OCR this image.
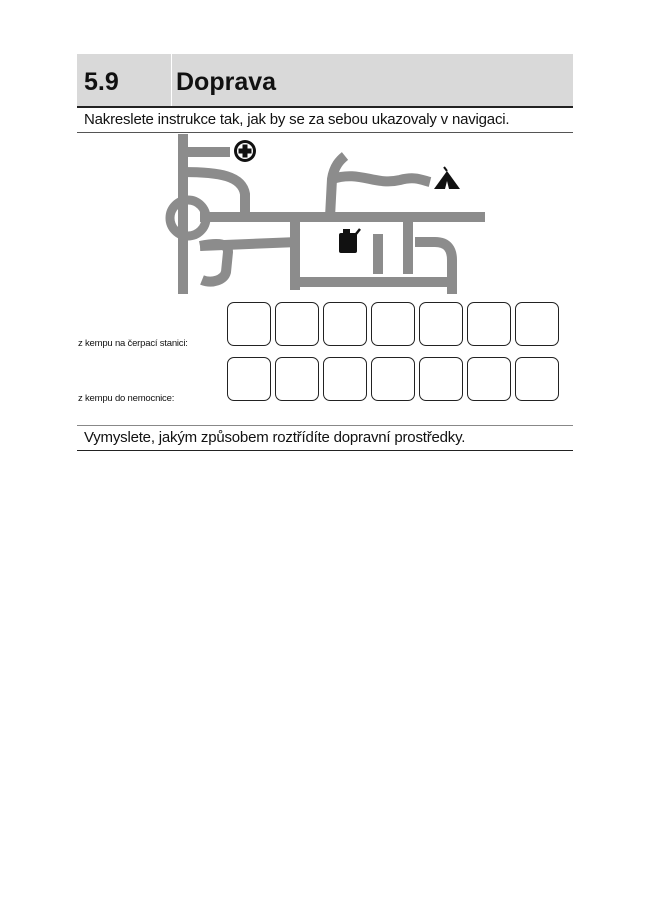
5.9 Doprava
Nakreslete instrukce tak, jak by se za sebou ukazovaly v navigaci.
z kempu na čerpací stanici:
z kempu do nemocnice:
Vymyslete, jakým způsobem roztřídíte dopravní prostředky.
